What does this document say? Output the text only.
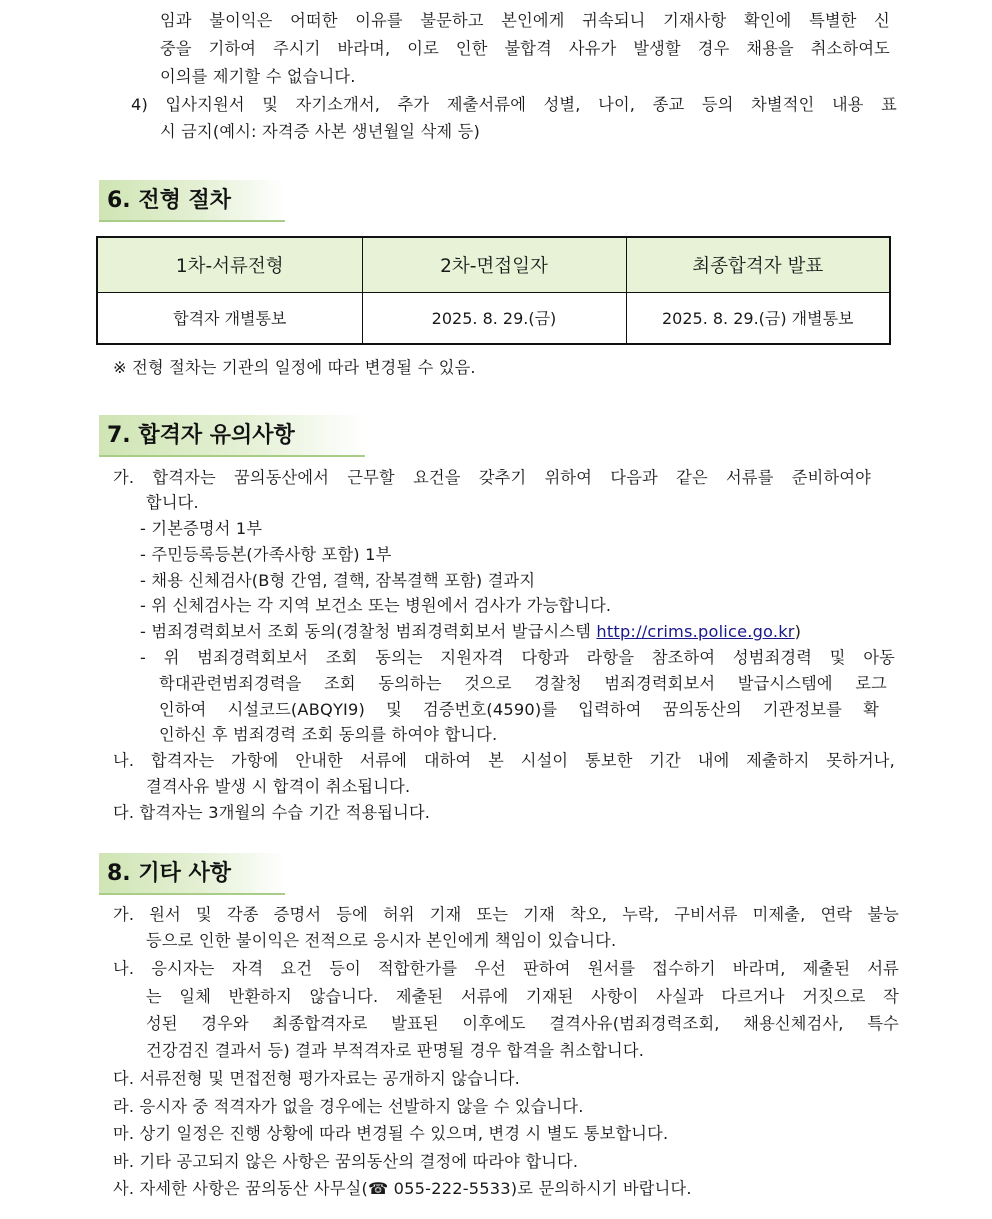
임과 불이익은 어떠한 이유를 불문하고 본인에게 귀속되니 기재사항 확인에 특별한 신
중을 기하여 주시기 바라며, 이로 인한 불합격 사유가 발생할 경우 채용을 취소하여도
이의를 제기할 수 없습니다.
4) 입사지원서 및 자기소개서, 추가 제출서류에 성별, 나이, 종교 등의 차별적인 내용 표
시 금지(예시: 자격증 사본 생년월일 삭제 등)
6. 전형 절차
1차-서류전형	2차-면접일자	최종합격자 발표
합격자 개별통보	2025. 8. 29.(금)	2025. 8. 29.(금) 개별통보
※ 전형 절차는 기관의 일정에 따라 변경될 수 있음.
7. 합격자 유의사항
가. 합격자는 꿈의동산에서 근무할 요건을 갖추기 위하여 다음과 같은 서류를 준비하여야
합니다.
- 기본증명서 1부
- 주민등록등본(가족사항 포함) 1부
- 채용 신체검사(B형 간염, 결핵, 잠복결핵 포함) 결과지
- 위 신체검사는 각 지역 보건소 또는 병원에서 검사가 가능합니다.
- 범죄경력회보서 조회 동의(경찰청 범죄경력회보서 발급시스템 http://crims.police.go.kr)
- 위 범죄경력회보서 조회 동의는 지원자격 다항과 라항을 참조하여 성범죄경력 및 아동
학대관련범죄경력을 조회 동의하는 것으로 경찰청 범죄경력회보서 발급시스템에 로그
인하여 시설코드(ABQYI9) 및 검증번호(4590)를 입력하여 꿈의동산의 기관정보를 확
인하신 후 범죄경력 조회 동의를 하여야 합니다.
나. 합격자는 가항에 안내한 서류에 대하여 본 시설이 통보한 기간 내에 제출하지 못하거나,
결격사유 발생 시 합격이 취소됩니다.
다. 합격자는 3개월의 수습 기간 적용됩니다.
8. 기타 사항
가. 원서 및 각종 증명서 등에 허위 기재 또는 기재 착오, 누락, 구비서류 미제출, 연락 불능
등으로 인한 불이익은 전적으로 응시자 본인에게 책임이 있습니다.
나. 응시자는 자격 요건 등이 적합한가를 우선 판하여 원서를 접수하기 바라며, 제출된 서류
는 일체 반환하지 않습니다. 제출된 서류에 기재된 사항이 사실과 다르거나 거짓으로 작
성된 경우와 최종합격자로 발표된 이후에도 결격사유(범죄경력조회, 채용신체검사, 특수
건강검진 결과서 등) 결과 부적격자로 판명될 경우 합격을 취소합니다.
다. 서류전형 및 면접전형 평가자료는 공개하지 않습니다.
라. 응시자 중 적격자가 없을 경우에는 선발하지 않을 수 있습니다.
마. 상기 일정은 진행 상황에 따라 변경될 수 있으며, 변경 시 별도 통보합니다.
바. 기타 공고되지 않은 사항은 꿈의동산의 결정에 따라야 합니다.
사. 자세한 사항은 꿈의동산 사무실(☎ 055-222-5533)로 문의하시기 바랍니다.
